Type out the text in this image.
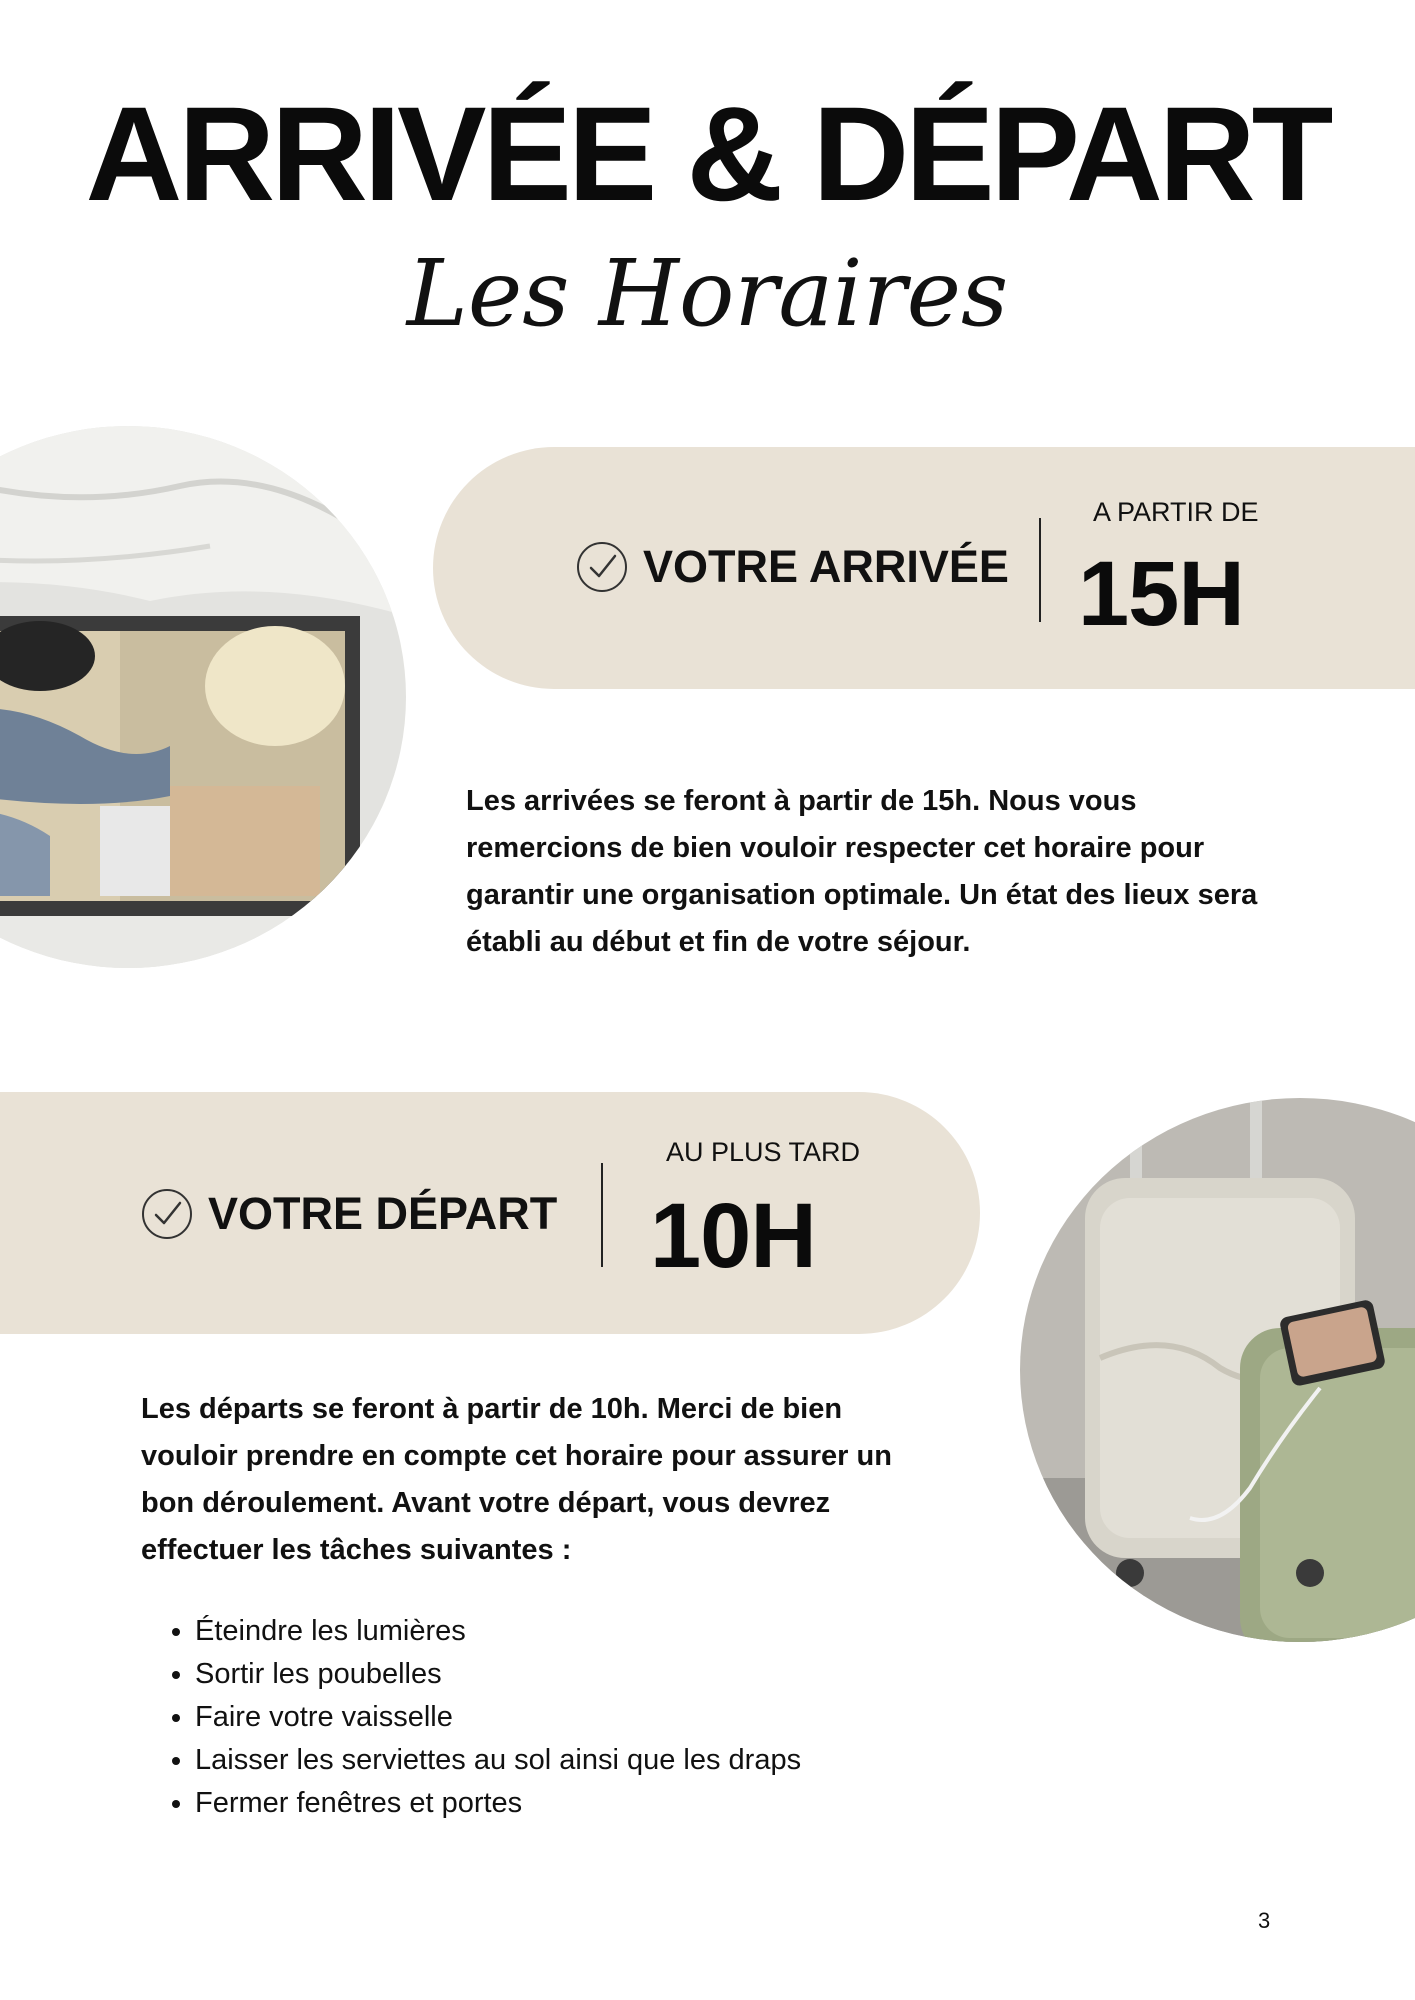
ARRIVÉE & DÉPART
Les Horaires
VOTRE ARRIVÉE
A PARTIR DE
15H

Les arrivées se feront à partir de 15h. Nous vous remercions de bien vouloir respecter cet horaire pour garantir une organisation optimale. Un état des lieux sera établi au début et fin de votre séjour.

VOTRE DÉPART
AU PLUS TARD
10H

Les départs se feront à partir de 10h. Merci de bien vouloir prendre en compte cet horaire pour assurer un bon déroulement. Avant votre départ, vous devrez effectuer les tâches suivantes :

• Éteindre les lumières
• Sortir les poubelles
• Faire votre vaisselle
• Laisser les serviettes au sol ainsi que les draps
• Fermer fenêtres et portes
3
